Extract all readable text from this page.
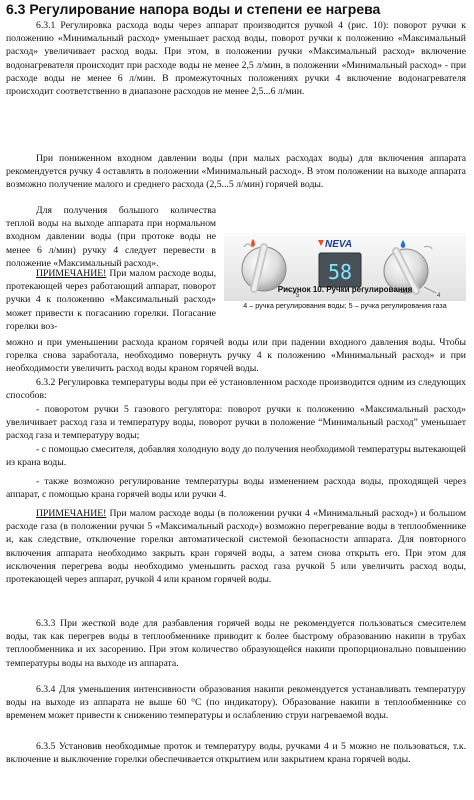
6.3 Регулирование напора воды и степени ее нагрева

6.3.1 Регулировка расхода воды через аппарат производится ручкой 4 (рис. 10): поворот ручки к положению «Минимальный расход» уменьшает расход воды, поворот ручки к положению «Максимальный расход» увеличивает расход воды. При этом, в положении ручки «Максимальный расход» включение водонагревателя происходит при расходе воды не менее 2,5 л/мин, в положении «Минимальный расход» - при расходе воды не менее 6 л/мин. В промежуточных положениях ручки 4 включение водонагревателя происходит соответственно в диапазоне расходов не менее 2,5...6 л/мин.

При пониженном входном давлении воды (при малых расходах воды) для включения аппарата рекомендуется ручку 4 оставлять в положении «Минимальный расход». В этом положении на выходе аппарата возможно получение малого и среднего расхода (2,5...5 л/мин) горячей воды.

Для получения большого количества теплой воды на выходе аппарата при нормальном входном давлении воды (при протоке воды не менее 6 л/мин) ручку 4 следует перевести в положение «Максимальный расход».

ПРИМЕЧАНИЕ! При малом расходе воды, протекающей через работающий аппарат, поворот ручки 4 к положению «Максимальный расход» может привести к погасанию горелки. Погасание горелки воз-

можно и при уменьшении расхода краном горячей воды или при падении входного давления воды. Чтобы горелка снова заработала, необходимо повернуть ручку 4 к положению «Минимальный расход» и при необходимости увеличить расход воды краном горячей воды.

6.3.2 Регулировка температуры воды при её установленном расходе производится одним из следующих способов:

- поворотом ручки 5 газового регулятора: поворот ручки к положению «Максимальный расход» увеличивает расход газа и температуру воды, поворот ручки в положение “Минимальный расход” уменьшает расход газа и температуру воды;

- с помощью смесителя, добавляя холодную воду до получения необходимой температуры вытекающей из крана воды.

- также возможно регулирование температуры воды изменением расхода воды, проходящей через аппарат, с помощью крана горячей воды или ручки 4.

ПРИМЕЧАНИЕ! При малом расходе воды (в положении ручки 4 «Минимальный расход») и большом расходе газа (в положении ручки 5 «Максимальный расход») возможно перегревание воды в теплообменнике и, как следствие, отключение горелки автоматической системой безопасности аппарата. Для повторного включения аппарата необходимо закрыть кран горячей воды, а затем снова открыть его. При этом для исключения перегрева воды необходимо уменьшить расход газа ручкой 5 или увеличить расход воды, протекающей через аппарат, ручкой 4 или краном горячей воды.

6.3.3 При жесткой воде для разбавления горячей воды не рекомендуется пользоваться смесителем воды, так как перегрев воды в теплообменнике приводит к более быстрому образованию накипи в трубах теплообменника и их засорению. При этом количество образующейся накипи пропорционально повышению температуры воды на выходе из аппарата.

6.3.4 Для уменьшения интенсивности образования накипи рекомендуется устанавливать температуру воды на выходе из аппарата не выше 60 °С (по индикатору). Образование накипи в теплообменнике со временем может привести к снижению температуры и ослаблению струи нагреваемой воды.

6.3.5 Установив необходимые проток и температуру воды, ручками 4 и 5 можно не пользоваться, т.к. включение и выключение горелки обеспечивается открытием или закрытием крана горячей воды.

5
NEVA
58
4
Рисунок 10. Ручки регулирования
4 – ручка регулирования воды; 5 – ручка регулирования газа
